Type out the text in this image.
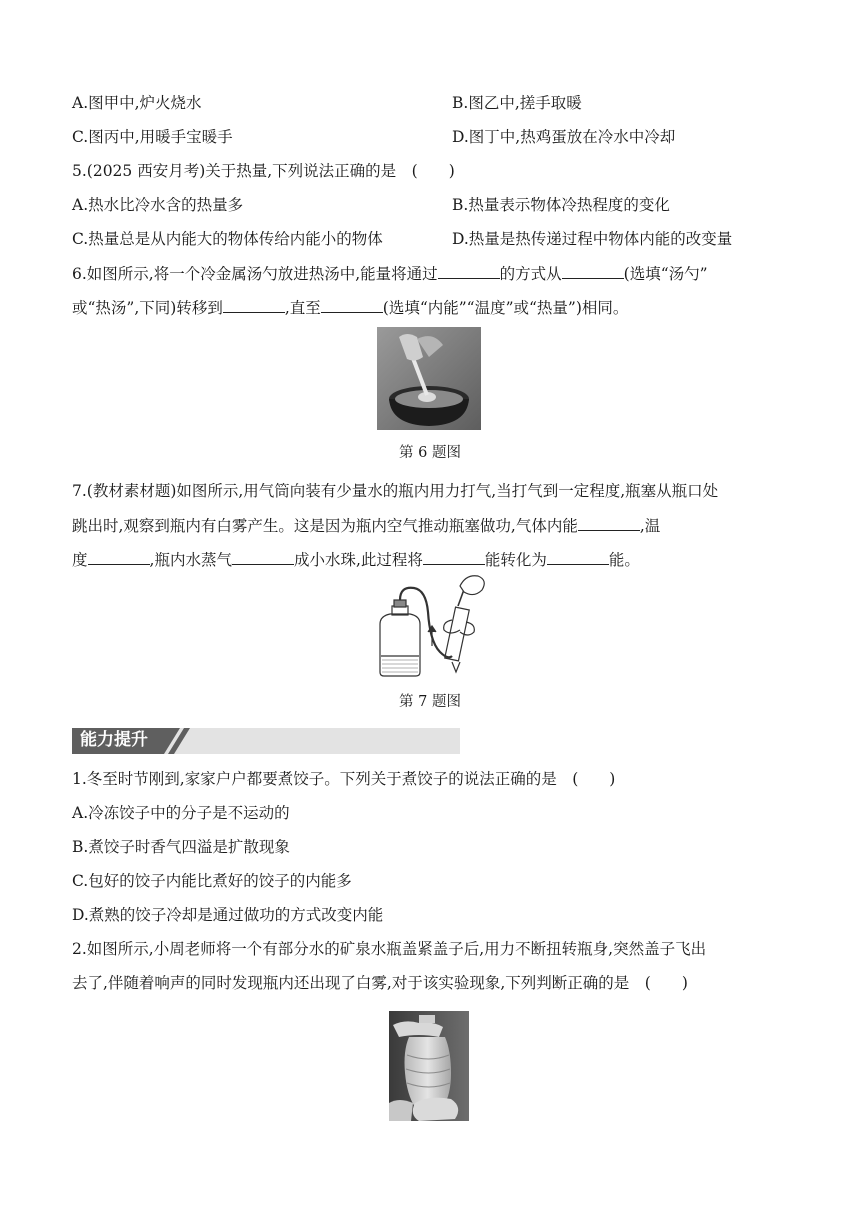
A.图甲中,炉火烧水	B.图乙中,搓手取暖
C.图丙中,用暖手宝暖手	D.图丁中,热鸡蛋放在冷水中冷却
5.(2025 西安月考)关于热量,下列说法正确的是　(　　)
A.热水比冷水含的热量多	B.热量表示物体冷热程度的变化
C.热量总是从内能大的物体传给内能小的物体	D.热量是热传递过程中物体内能的改变量
6.如图所示,将一个冷金属汤勺放进热汤中,能量将通过	的方式从	(选填“汤勺”
或“热汤”,下同)转移到	,直至	(选填“内能”“温度”或“热量”)相同。
第 6 题图
7.(教材素材题)如图所示,用气筒向装有少量水的瓶内用力打气,当打气到一定程度,瓶塞从瓶口处
跳出时,观察到瓶内有白雾产生。这是因为瓶内空气推动瓶塞做功,气体内能	,温
度	,瓶内水蒸气	成小水珠,此过程将	能转化为	能。
第 7 题图
能力提升
1.冬至时节刚到,家家户户都要煮饺子。下列关于煮饺子的说法正确的是　(　　)
A.冷冻饺子中的分子是不运动的
B.煮饺子时香气四溢是扩散现象
C.包好的饺子内能比煮好的饺子的内能多
D.煮熟的饺子冷却是通过做功的方式改变内能
2.如图所示,小周老师将一个有部分水的矿泉水瓶盖紧盖子后,用力不断扭转瓶身,突然盖子飞出
去了,伴随着响声的同时发现瓶内还出现了白雾,对于该实验现象,下列判断正确的是　(　　)
